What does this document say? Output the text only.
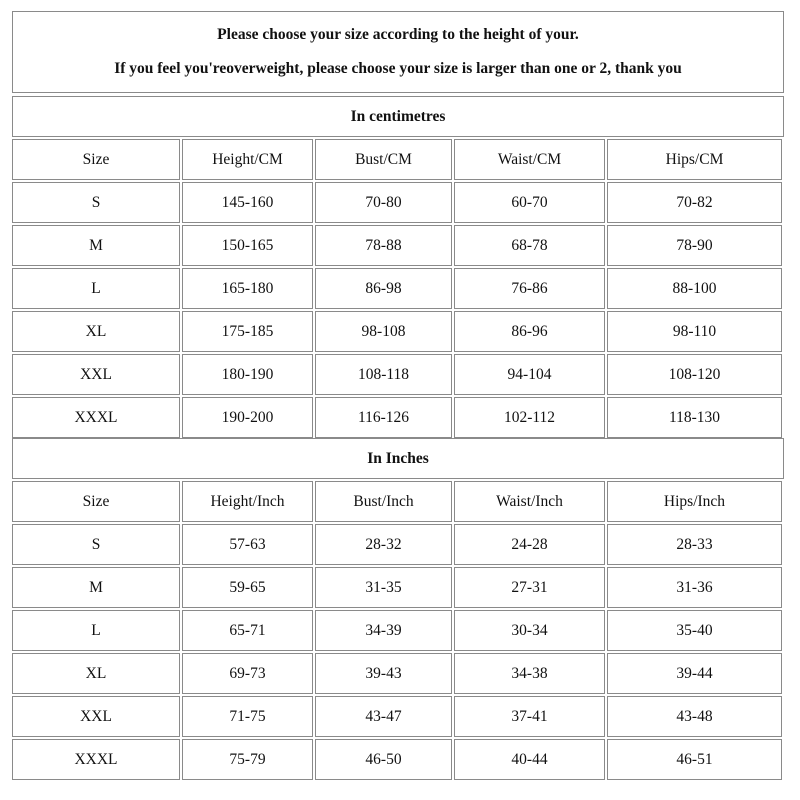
Please choose your size according to the height of your.
If you feel you'reoverweight, please choose your size is larger than one or 2, thank you
In centimetres
Size	Height/CM	Bust/CM	Waist/CM	Hips/CM
S	145-160	70-80	60-70	70-82
M	150-165	78-88	68-78	78-90
L	165-180	86-98	76-86	88-100
XL	175-185	98-108	86-96	98-110
XXL	180-190	108-118	94-104	108-120
XXXL	190-200	116-126	102-112	118-130
In Inches
Size	Height/Inch	Bust/Inch	Waist/Inch	Hips/Inch
S	57-63	28-32	24-28	28-33
M	59-65	31-35	27-31	31-36
L	65-71	34-39	30-34	35-40
XL	69-73	39-43	34-38	39-44
XXL	71-75	43-47	37-41	43-48
XXXL	75-79	46-50	40-44	46-51
